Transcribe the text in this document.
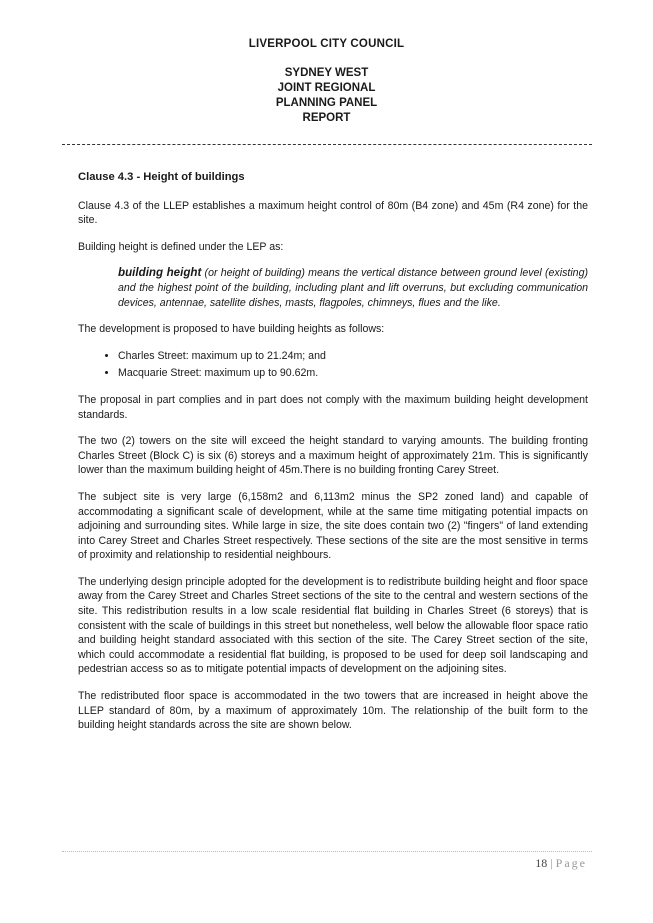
LIVERPOOL CITY COUNCIL
SYDNEY WEST
JOINT REGIONAL
PLANNING PANEL
REPORT
Clause 4.3 - Height of buildings

Clause 4.3 of the LLEP establishes a maximum height control of 80m (B4 zone) and 45m (R4 zone) for the site.

Building height is defined under the LEP as:

building height (or height of building) means the vertical distance between ground level (existing) and the highest point of the building, including plant and lift overruns, but excluding communication devices, antennae, satellite dishes, masts, flagpoles, chimneys, flues and the like.

The development is proposed to have building heights as follows:

• Charles Street: maximum up to 21.24m; and
• Macquarie Street: maximum up to 90.62m.

The proposal in part complies and in part does not comply with the maximum building height development standards.

The two (2) towers on the site will exceed the height standard to varying amounts. The building fronting Charles Street (Block C) is six (6) storeys and a maximum height of approximately 21m. This is significantly lower than the maximum building height of 45m.There is no building fronting Carey Street.

The subject site is very large (6,158m2 and 6,113m2 minus the SP2 zoned land) and capable of accommodating a significant scale of development, while at the same time mitigating potential impacts on adjoining and surrounding sites. While large in size, the site does contain two (2) "fingers" of land extending into Carey Street and Charles Street respectively. These sections of the site are the most sensitive in terms of proximity and relationship to residential neighbours.

The underlying design principle adopted for the development is to redistribute building height and floor space away from the Carey Street and Charles Street sections of the site to the central and western sections of the site. This redistribution results in a low scale residential flat building in Charles Street (6 storeys) that is consistent with the scale of buildings in this street but nonetheless, well below the allowable floor space ratio and building height standard associated with this section of the site. The Carey Street section of the site, which could accommodate a residential flat building, is proposed to be used for deep soil landscaping and pedestrian access so as to mitigate potential impacts of development on the adjoining sites.

The redistributed floor space is accommodated in the two towers that are increased in height above the LLEP standard of 80m, by a maximum of approximately 10m. The relationship of the built form to the building height standards across the site are shown below.

18 | Page
